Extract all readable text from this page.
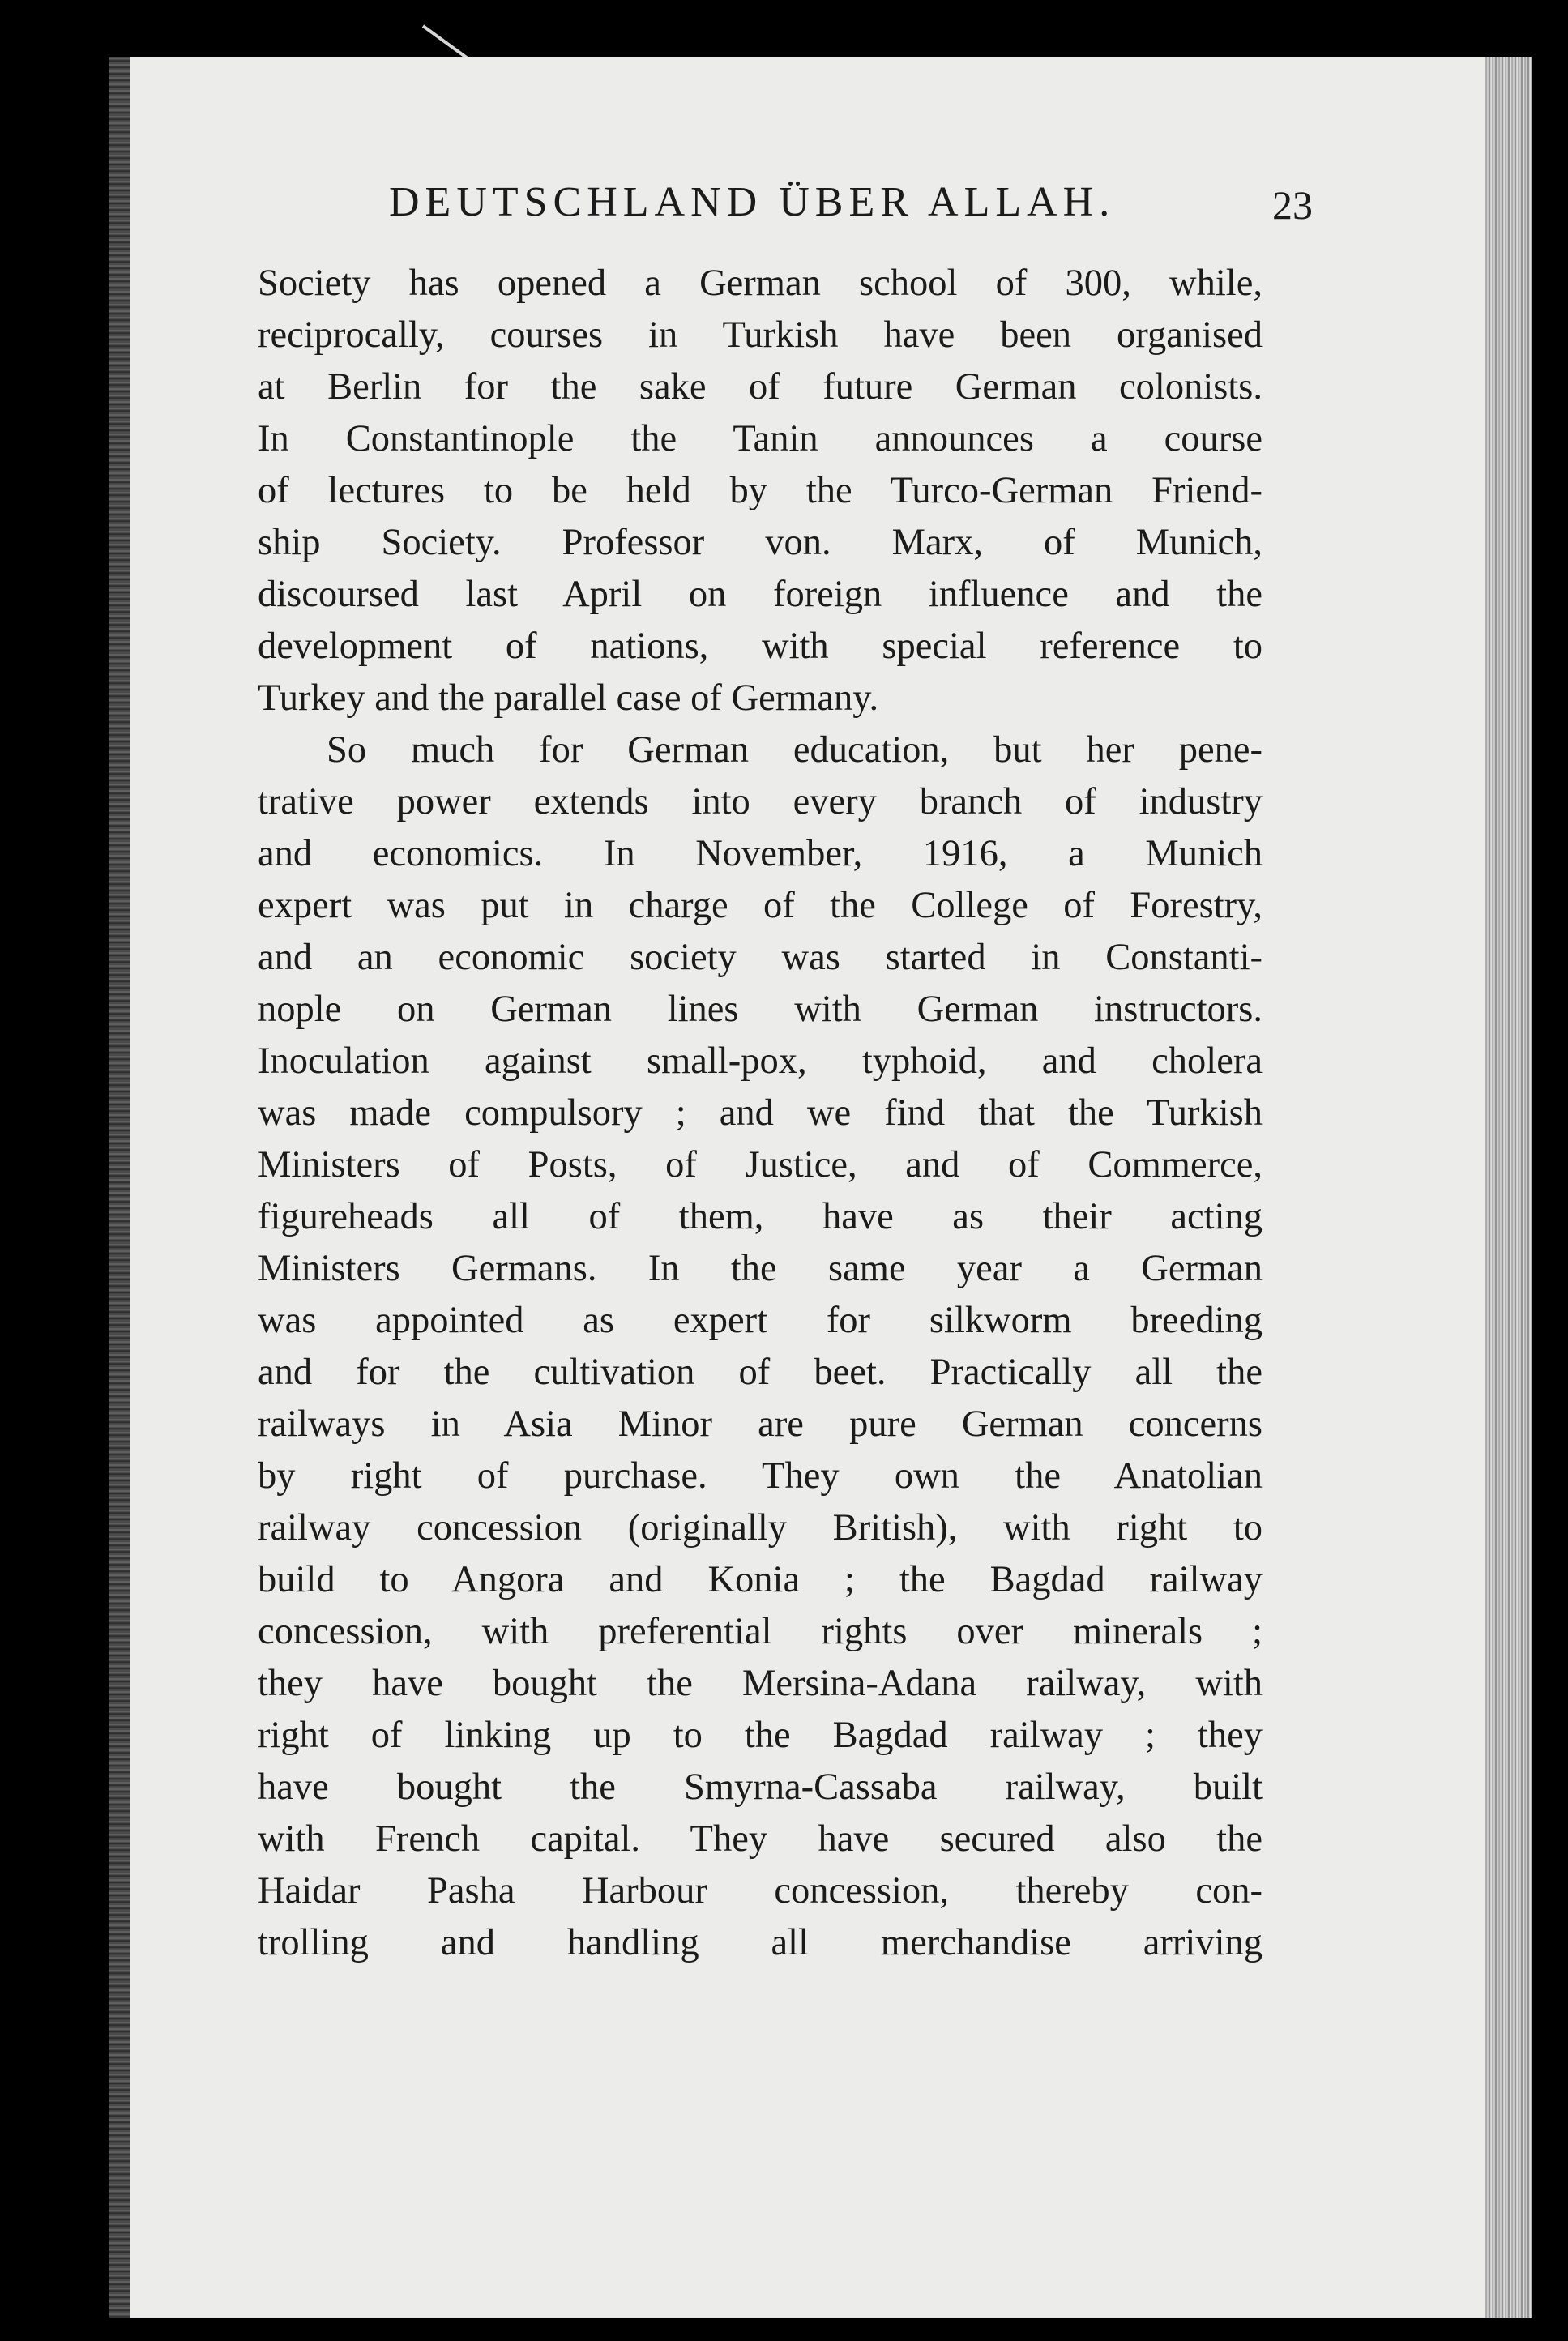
DEUTSCHLAND ÜBER ALLAH.	23
Society has opened a German school of 300, while,
reciprocally, courses in Turkish have been organised
at Berlin for the sake of future German colonists.
In Constantinople the Tanin announces a course
of lectures to be held by the Turco-German Friend-
ship Society. Professor von. Marx, of Munich,
discoursed last April on foreign influence and the
development of nations, with special reference to
Turkey and the parallel case of Germany.
So much for German education, but her pene-
trative power extends into every branch of industry
and economics. In November, 1916, a Munich
expert was put in charge of the College of Forestry,
and an economic society was started in Constanti-
nople on German lines with German instructors.
Inoculation against small-pox, typhoid, and cholera
was made compulsory ; and we find that the Turkish
Ministers of Posts, of Justice, and of Commerce,
figureheads all of them, have as their acting
Ministers Germans. In the same year a German
was appointed as expert for silkworm breeding
and for the cultivation of beet. Practically all the
railways in Asia Minor are pure German concerns
by right of purchase. They own the Anatolian
railway concession (originally British), with right to
build to Angora and Konia ; the Bagdad railway
concession, with preferential rights over minerals ;
they have bought the Mersina-Adana railway, with
right of linking up to the Bagdad railway ; they
have bought the Smyrna-Cassaba railway, built
with French capital. They have secured also the
Haidar Pasha Harbour concession, thereby con-
trolling and handling all merchandise arriving
